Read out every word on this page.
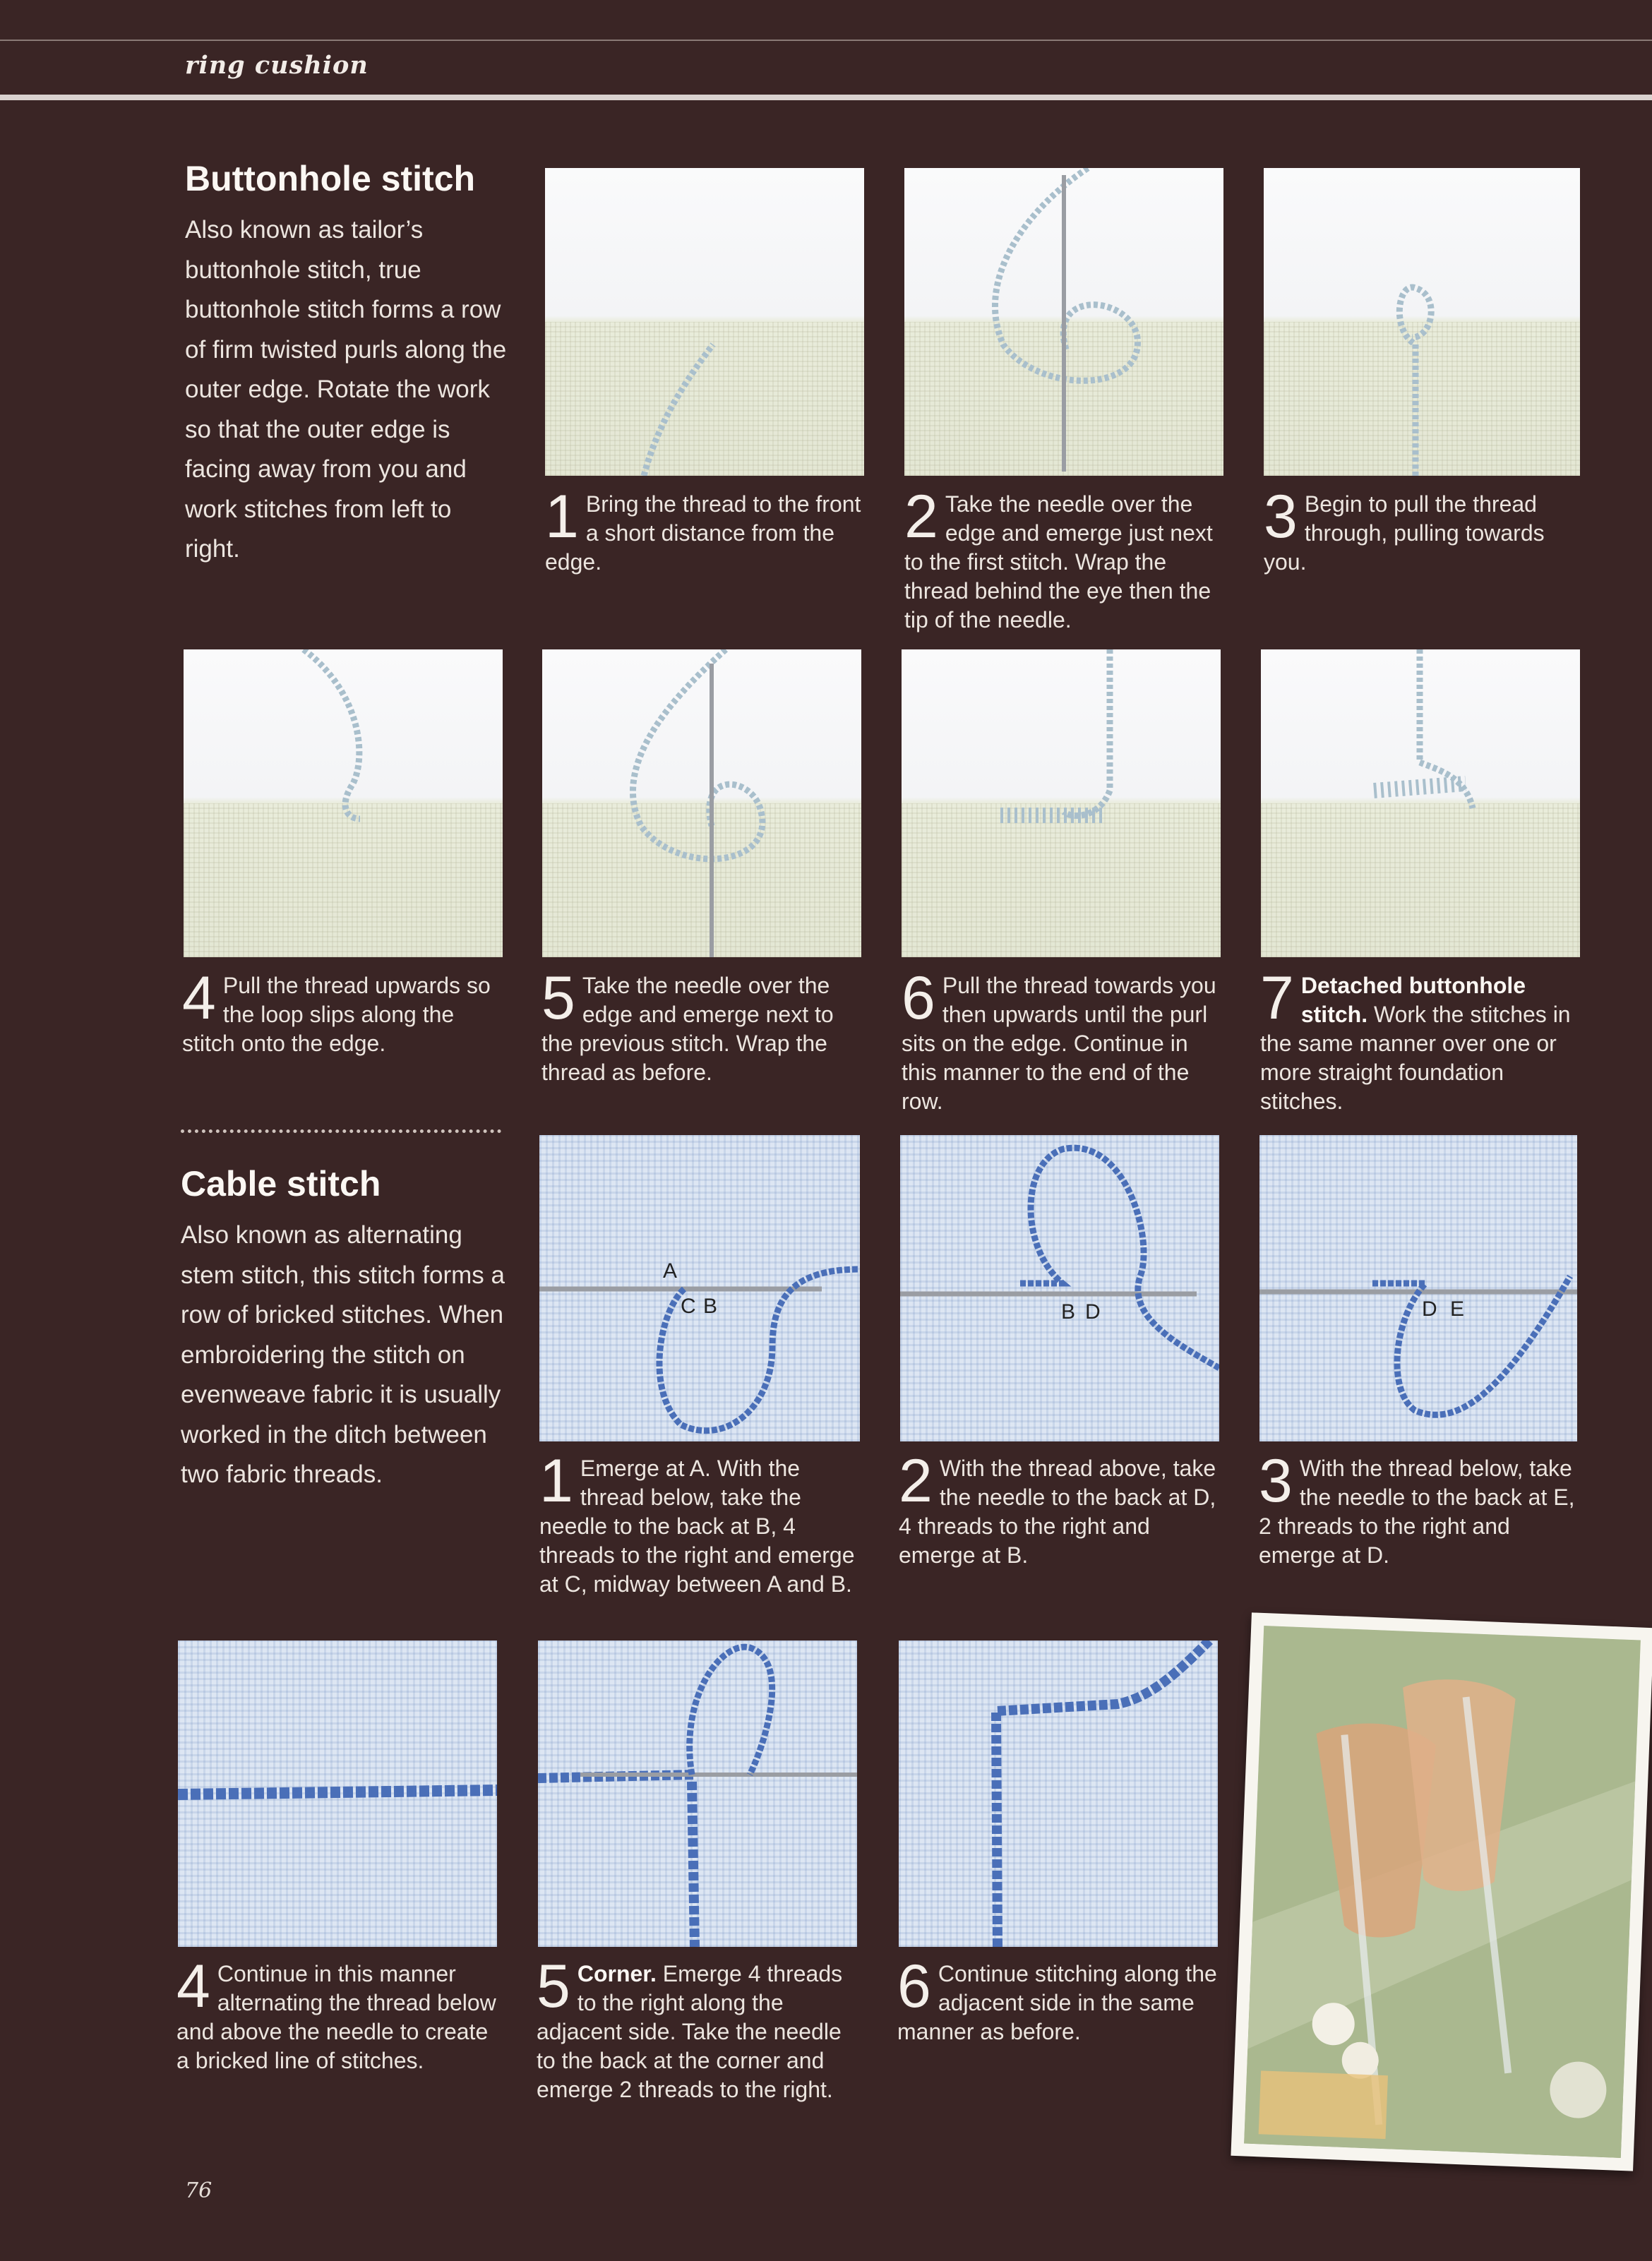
ring cushion
Buttonhole stitch
Also known as tailor’s buttonhole stitch, true buttonhole stitch forms a row of firm twisted purls along the outer edge. Rotate the work so that the outer edge is facing away from you and work stitches from left to right.	1 Bring the thread to the front a short distance from the edge.
2 Take the needle over the edge and emerge just next to the first stitch. Wrap the thread behind the eye then the tip of the needle.
3 Begin to pull the thread through, pulling towards you.
4 Pull the thread upwards so the loop slips along the stitch onto the edge.
5 Take the needle over the edge and emerge next to the previous stitch. Wrap the thread as before.
6 Pull the thread towards you then upwards until the purl sits on the edge. Continue in this manner to the end of the row.
7 Detached buttonhole stitch. Work the stitches in the same manner over one or more straight foundation stitches.
Cable stitch
Also known as alternating stem stitch, this stitch forms a row of bricked stitches. When embroidering the stitch on evenweave fabric it is usually worked in the ditch between two fabric threads.
A
C B	B D	D E
1 Emerge at A. With the thread below, take the needle to the back at B, 4 threads to the right and emerge at C, midway between A and B.
2 With the thread above, take the needle to the back at D, 4 threads to the right and emerge at B.
3 With the thread below, take the needle to the back at E, 2 threads to the right and emerge at D.
4 Continue in this manner alternating the thread below and above the needle to create a bricked line of stitches.
5 Corner. Emerge 4 threads to the right along the adjacent side. Take the needle to the back at the corner and emerge 2 threads to the right.
6 Continue stitching along the adjacent side in the same manner as before.
76
